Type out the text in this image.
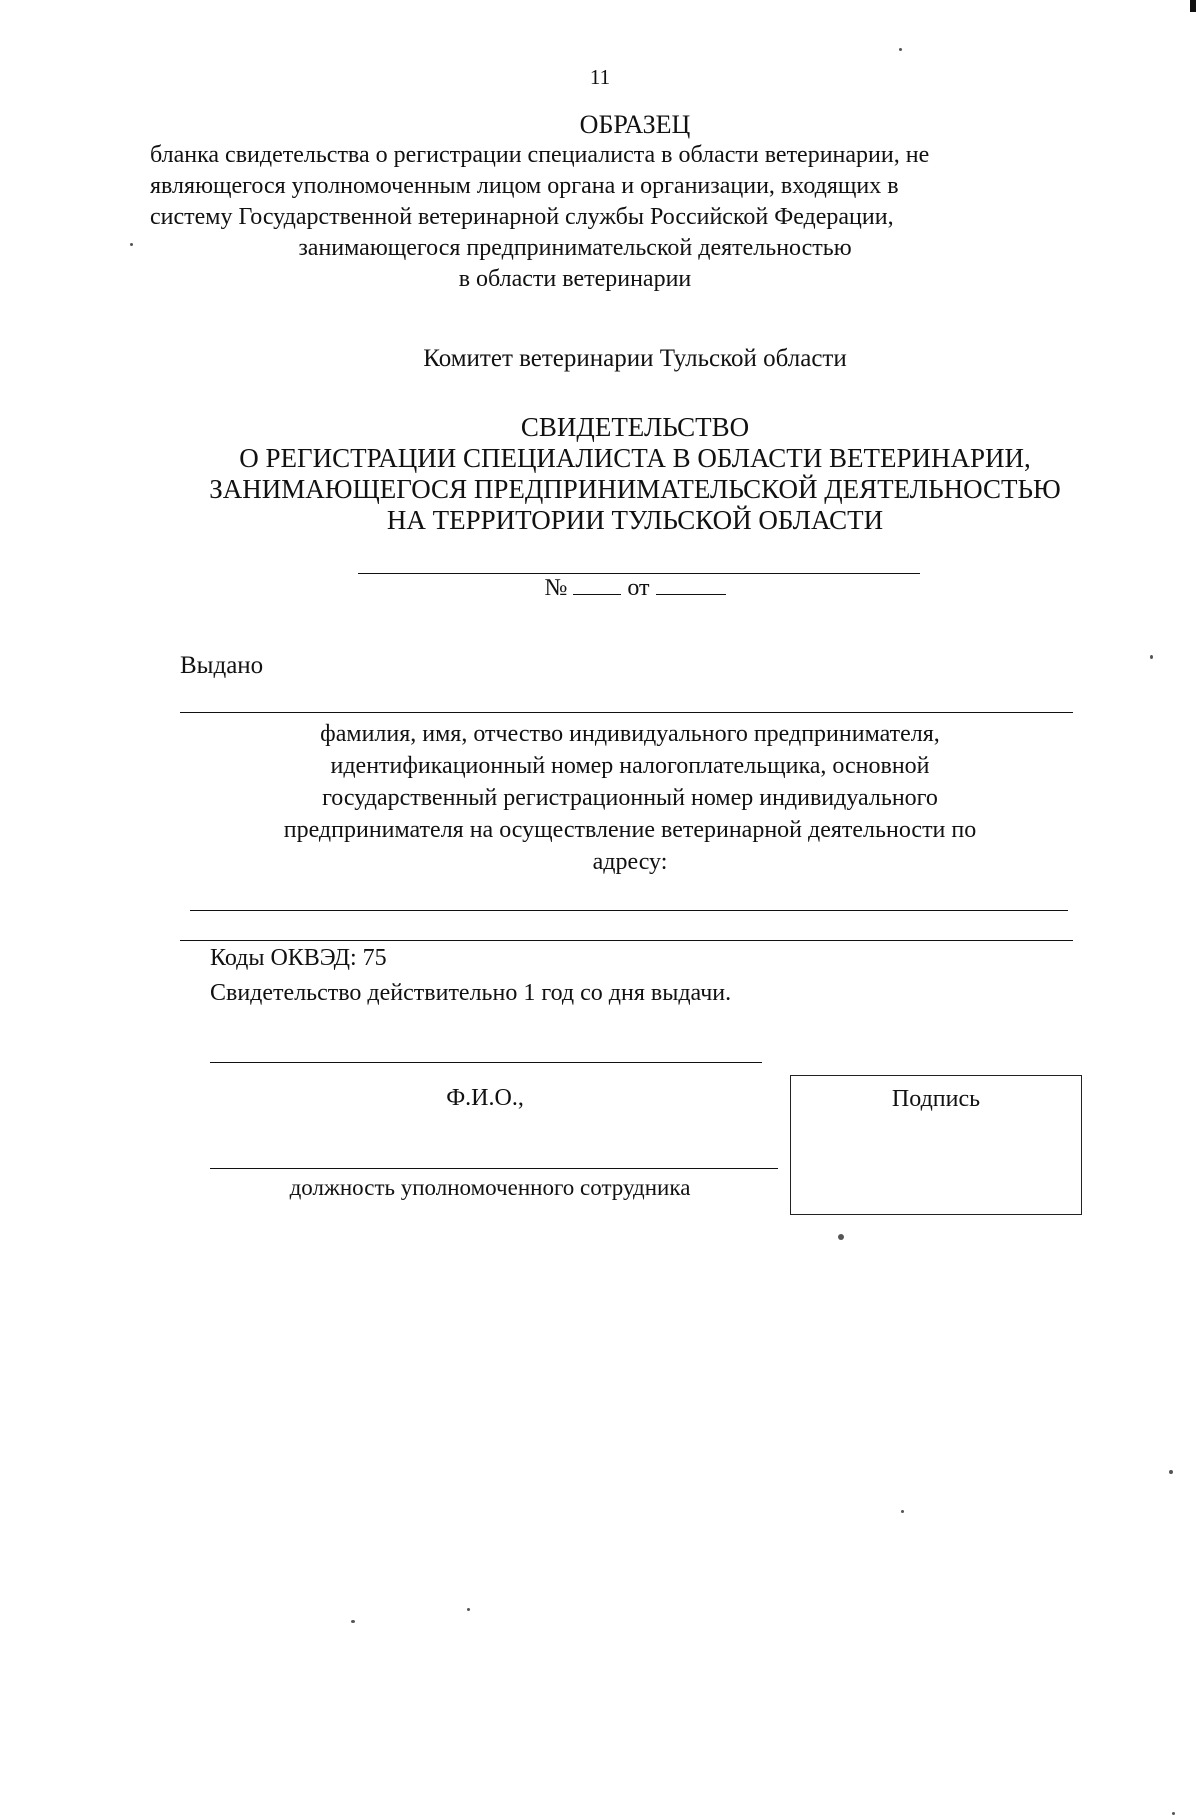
11
ОБРАЗЕЦ
бланка свидетельства о регистрации специалиста в области ветеринарии, не
являющегося уполномоченным лицом органа и организации, входящих в
систему Государственной ветеринарной службы Российской Федерации,
занимающегося предпринимательской деятельностью
в области ветеринарии
Комитет ветеринарии Тульской области
СВИДЕТЕЛЬСТВО
О РЕГИСТРАЦИИ СПЕЦИАЛИСТА В ОБЛАСТИ ВЕТЕРИНАРИИ,
ЗАНИМАЮЩЕГОСЯ ПРЕДПРИНИМАТЕЛЬСКОЙ ДЕЯТЕЛЬНОСТЬЮ
НА ТЕРРИТОРИИ ТУЛЬСКОЙ ОБЛАСТИ
№	от
Выдано
фамилия, имя, отчество индивидуального предпринимателя,
идентификационный номер налогоплательщика, основной
государственный регистрационный номер индивидуального
предпринимателя на осуществление ветеринарной деятельности по
адресу:
Коды ОКВЭД: 75
Свидетельство действительно 1 год со дня выдачи.
Ф.И.О.,
должность уполномоченного сотрудника
Подпись
